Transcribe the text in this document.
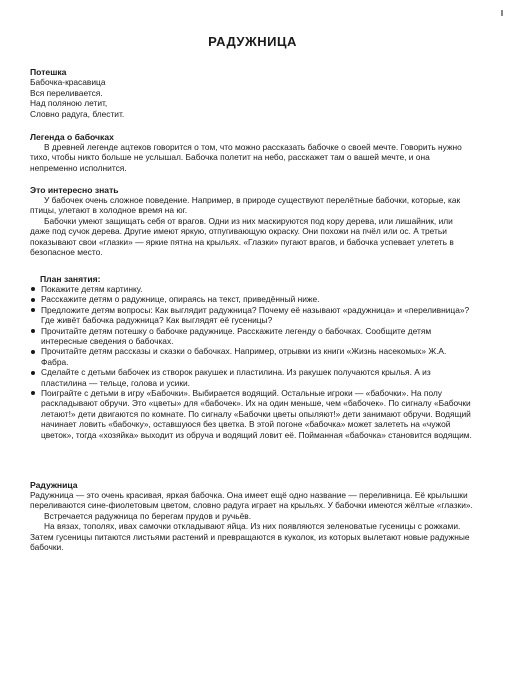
РАДУЖНИЦА
Потешка

Бабочка-красавица

Вся переливается.

Над поляною летит,

Словно радуга, блестит.

Легенда о бабочках

В древней легенде ацтеков говорится о том, что можно рассказать бабочке о своей мечте. Говорить нужно тихо, чтобы никто больше не услышал. Бабочка полетит на небо, расскажет там о вашей мечте, и она непременно исполнится.

Это интересно знать

У бабочек очень сложное поведение. Например, в природе существуют перелётные бабочки, которые, как птицы, улетают в холодное время на юг.

Бабочки умеют защищать себя от врагов. Одни из них маскируются под кору дерева, или лишайник, или даже под сучок дерева. Другие имеют яркую, отпугивающую окраску. Они похожи на пчёл или ос. А третьи показывают свои «глазки» — яркие пятна на крыльях. «Глазки» пугают врагов, и бабочка успевает улететь в безопасное место.

План занятия:
Покажите детям картинку.
Расскажите детям о радужнице, опираясь на текст, приведённый ниже.
Предложите детям вопросы: Как выглядит радужница? Почему её называют «радужница» и «переливница»? Где живёт бабочка радужница? Как выглядят её гусеницы?
Прочитайте детям потешку о бабочке радужнице. Расскажите легенду о бабочках. Сообщите детям интересные сведения о бабочках.
Прочитайте детям рассказы и сказки о бабочках. Например, отрывки из книги «Жизнь насекомых» Ж.А. Фабра.
Сделайте с детьми бабочек из створок ракушек и пластилина. Из ракушек получаются крылья. А из пластилина — тельце, голова и усики.
Поиграйте с детьми в игру «Бабочки». Выбирается водящий. Остальные игроки — «бабочки». На полу раскладывают обручи. Это «цветы» для «бабочек». Их на один меньше, чем «бабочек». По сигналу «Бабочки летают!» дети двигаются по комнате. По сигналу «Бабочки цветы опыляют!» дети занимают обручи. Водящий начинает ловить «бабочку», оставшуюся без цветка. В этой погоне «бабочка» может залететь на «чужой цветок», тогда «хозяйка» выходит из обруча и водящий ловит её. Пойманная «бабочка» становится водящим.
Радужница

Радужница — это очень красивая, яркая бабочка. Она имеет ещё одно название — переливница. Её крылышки переливаются сине-фиолетовым цветом, словно радуга играет на крыльях. У бабочки имеются жёлтые «глазки».

Встречается радужница по берегам прудов и ручьёв.

На вязах, тополях, ивах самочки откладывают яйца. Из них появляются зеленоватые гусеницы с рожками. Затем гусеницы питаются листьями растений и превращаются в куколок, из которых вылетают новые радужные бабочки.
